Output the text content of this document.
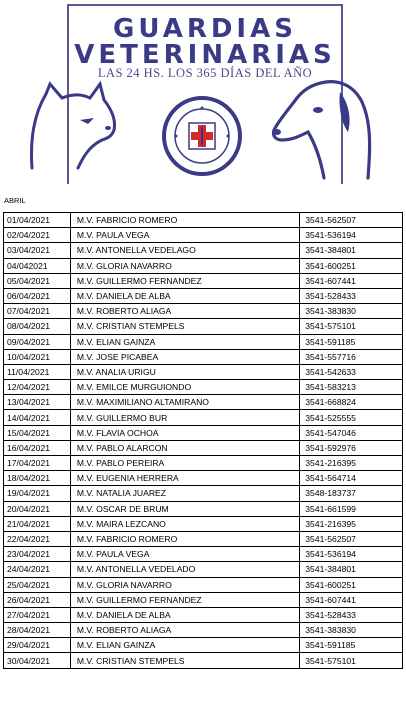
GUARDIAS
VETERINARIAS
LAS 24 HS. LOS 365 DÍAS DEL AÑO
ABRIL
01/04/2021	M.V. FABRICIO ROMERO	3541-562507
02/04/2021	M.V. PAULA VEGA	3541-536194
03/04/2021	M.V. ANTONELLA VEDELAGO	3541-384801
04/042021	M.V. GLORIA NAVARRO	3541-600251
05/04/2021	M.V. GUILLERMO FERNANDEZ	3541-607441
06/04/2021	M.V. DANIELA DE ALBA	3541-528433
07/04/2021	M.V. ROBERTO ALIAGA	3541-383830
08/04/2021	M.V. CRISTIAN STEMPELS	3541-575101
09/04/2021	M.V. ELIAN GAINZA	3541-591185
10/04/2021	M.V. JOSE PICABEA	3541-557716
11/04/2021	M.V. ANALIA URIGU	3541-542633
12/04/2021	M.V. EMILCE MURGUIONDO	3541-583213
13/04/2021	M.V. MAXIMILIANO ALTAMIRANO	3541-668824
14/04/2021	M.V. GUILLERMO BUR	3541-525555
15/04/2021	M.V. FLAVIA OCHOA	3541-547046
16/04/2021	M.V. PABLO ALARCON	3541-592976
17/04/2021	M.V. PABLO PEREIRA	3541-216395
18/04/2021	M.V. EUGENIA HERRERA	3541-564714
19/04/2021	M.V. NATALIA JUAREZ	3548-183737
20/04/2021	M.V. OSCAR DE BRUM	3541-661599
21/04/2021	M.V. MAIRA LEZCANO	3541-216395
22/04/2021	M.V. FABRICIO ROMERO	3541-562507
23/04/2021	M.V. PAULA VEGA	3541-536194
24/04/2021	M.V. ANTONELLA VEDELADO	3541-384801
25/04/2021	M.V. GLORIA NAVARRO	3541-600251
26/04/2021	M.V. GUILLERMO FERNANDEZ	3541-607441
27/04/2021	M.V. DANIELA DE ALBA	3541-528433
28/04/2021	M.V. ROBERTO ALIAGA	3541-383830
29/04/2021	M.V. ELIAN GAINZA	3541-591185
30/04/2021	M.V. CRISTIAN STEMPELS	3541-575101
